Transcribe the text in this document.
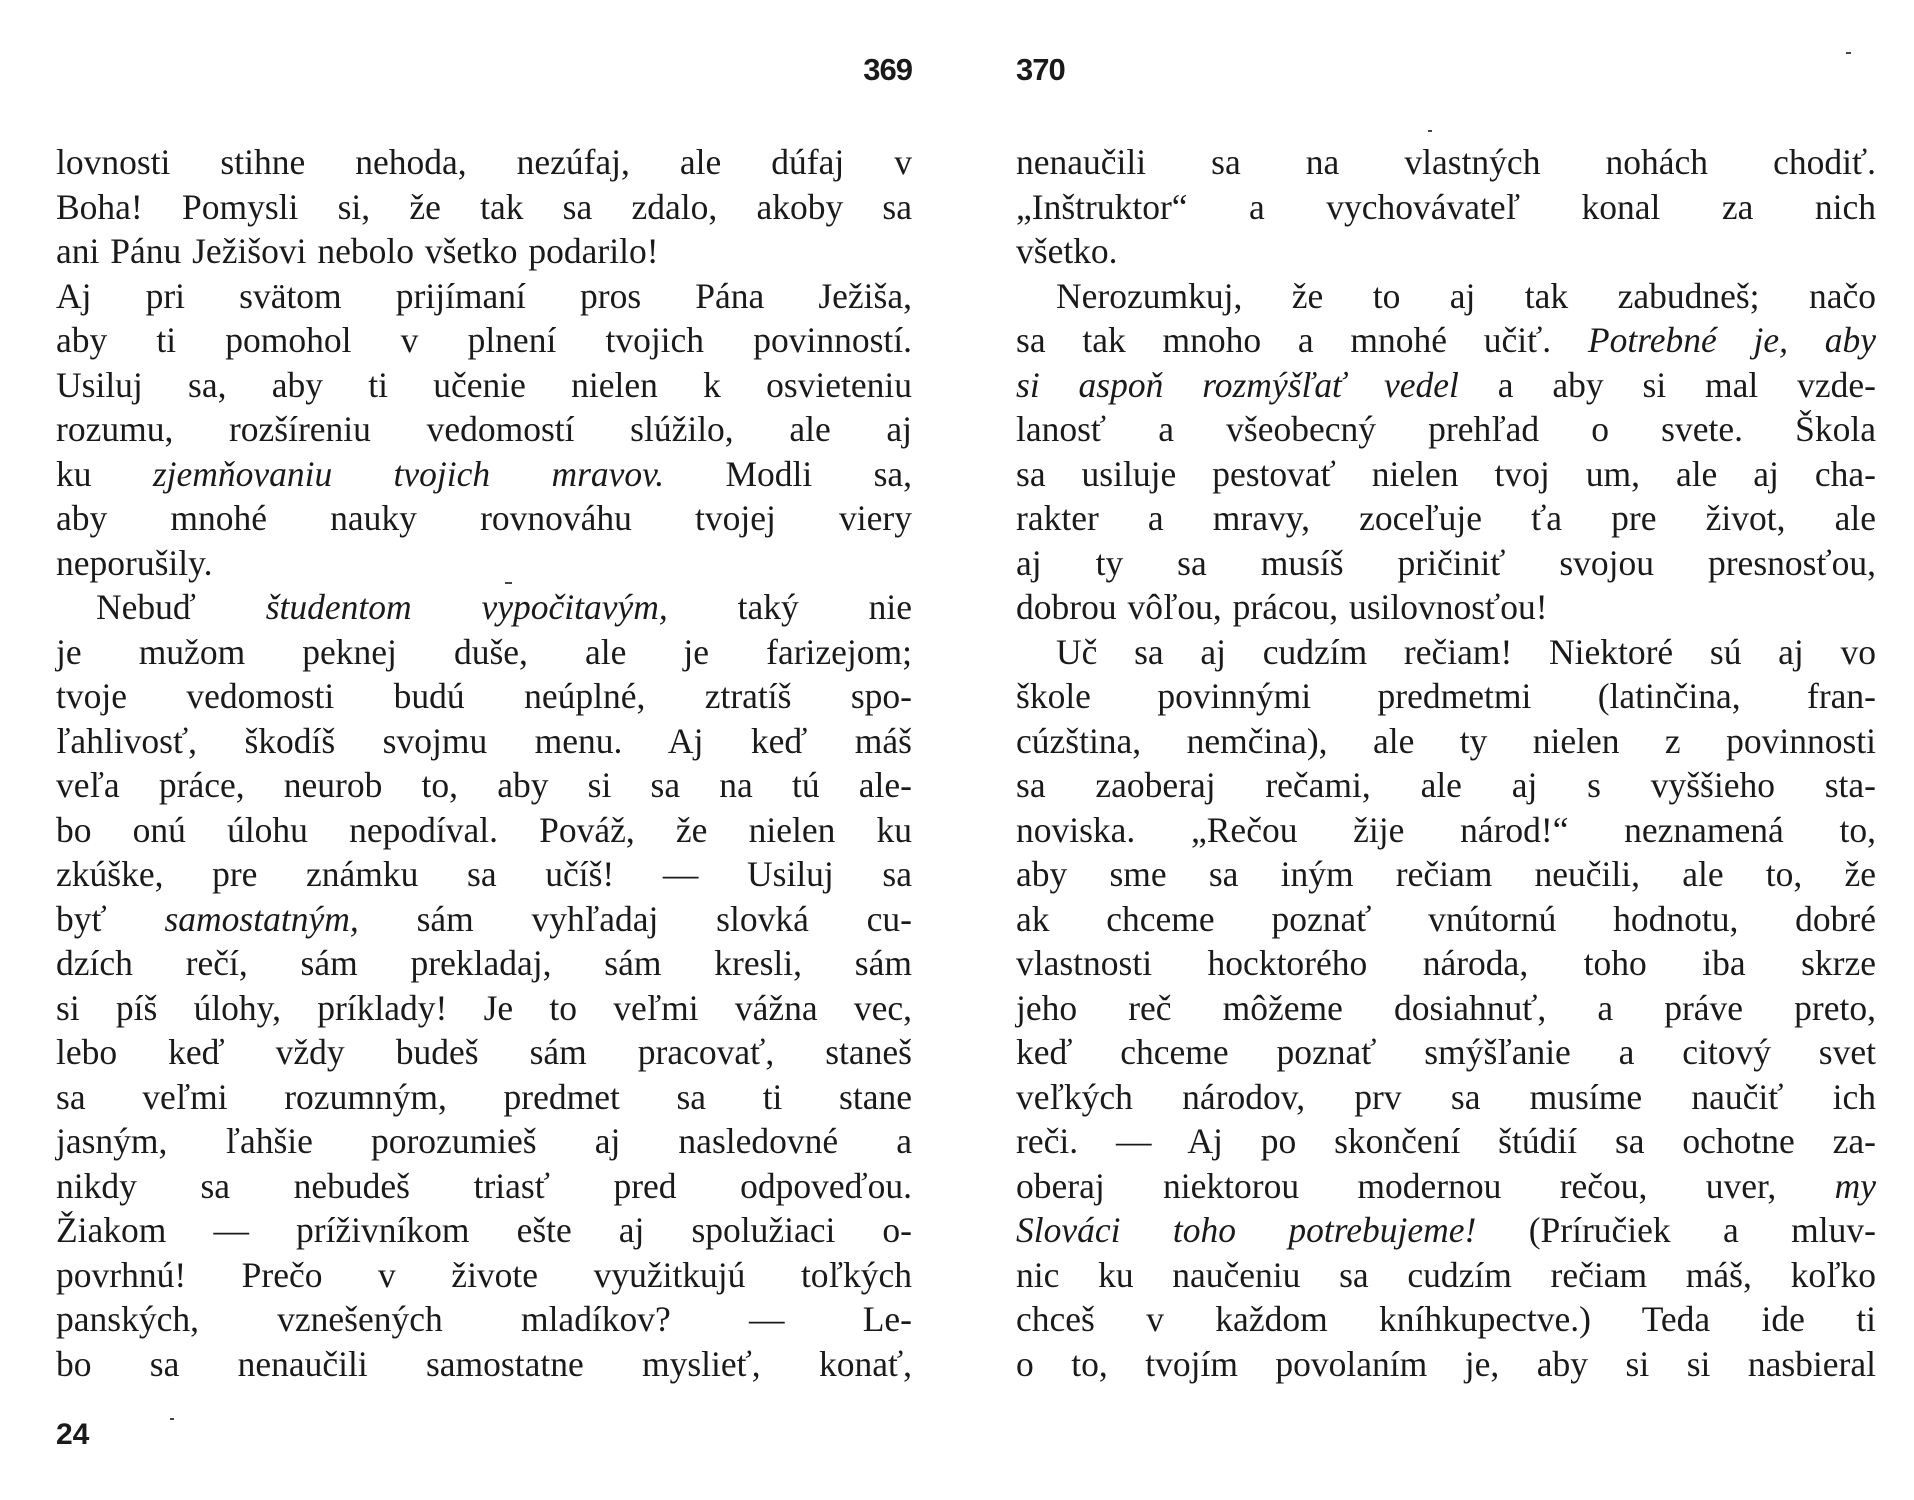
369
lovnosti stihne nehoda, nezúfaj, ale dúfaj v
Boha! Pomysli si, že tak sa zdalo, akoby sa
ani Pánu Ježišovi nebolo všetko podarilo!
Aj pri svätom prijímaní pros Pána Ježiša,
aby ti pomohol v plnení tvojich povinností.
Usiluj sa, aby ti učenie nielen k osvieteniu
rozumu, rozšíreniu vedomostí slúžilo, ale aj
ku zjemňovaniu tvojich mravov. Modli sa,
aby mnohé nauky rovnováhu tvojej viery
neporušily.
Nebuď študentom vypočitavým, taký nie
je mužom peknej duše, ale je farizejom;
tvoje vedomosti budú neúplné, ztratíš spo-
ľahlivosť, škodíš svojmu menu. Aj keď máš
veľa práce, neurob to, aby si sa na tú ale-
bo onú úlohu nepodíval. Pováž, že nielen ku
zkúške, pre známku sa učíš! — Usiluj sa
byť samostatným, sám vyhľadaj slovká cu-
dzích rečí, sám prekladaj, sám kresli, sám
si píš úlohy, príklady! Je to veľmi vážna vec,
lebo keď vždy budeš sám pracovať, staneš
sa veľmi rozumným, predmet sa ti stane
jasným, ľahšie porozumieš aj nasledovné a
nikdy sa nebudeš triasť pred odpoveďou.
Žiakom — príživníkom ešte aj spolužiaci o-
povrhnú! Prečo v živote využitkujú toľkých
panských, vznešených mladíkov? — Le-
bo sa nenaučili samostatne myslieť, konať,
24
370
nenaučili sa na vlastných nohách chodiť.
„Inštruktor“ a vychovávateľ konal za nich
všetko.
Nerozumkuj, že to aj tak zabudneš; načo
sa tak mnoho a mnohé učiť. Potrebné je, aby
si aspoň rozmýšľať vedel a aby si mal vzde-
lanosť a všeobecný prehľad o svete. Škola
sa usiluje pestovať nielen tvoj um, ale aj cha-
rakter a mravy, zoceľuje ťa pre život, ale
aj ty sa musíš pričiniť svojou presnosťou,
dobrou vôľou, prácou, usilovnosťou!
Uč sa aj cudzím rečiam! Niektoré sú aj vo
škole povinnými predmetmi (latinčina, fran-
cúzština, nemčina), ale ty nielen z povinnosti
sa zaoberaj rečami, ale aj s vyššieho sta-
noviska. „Rečou žije národ!“ neznamená to,
aby sme sa iným rečiam neučili, ale to, že
ak chceme poznať vnútornú hodnotu, dobré
vlastnosti hocktorého národa, toho iba skrze
jeho reč môžeme dosiahnuť, a práve preto,
keď chceme poznať smýšľanie a citový svet
veľkých národov, prv sa musíme naučiť ich
reči. — Aj po skončení štúdií sa ochotne za-
oberaj niektorou modernou rečou, uver, my
Slováci toho potrebujeme! (Príručiek a mluv-
nic ku naučeniu sa cudzím rečiam máš, koľko
chceš v každom kníhkupectve.) Teda ide ti
o to, tvojím povolaním je, aby si si nasbieral
